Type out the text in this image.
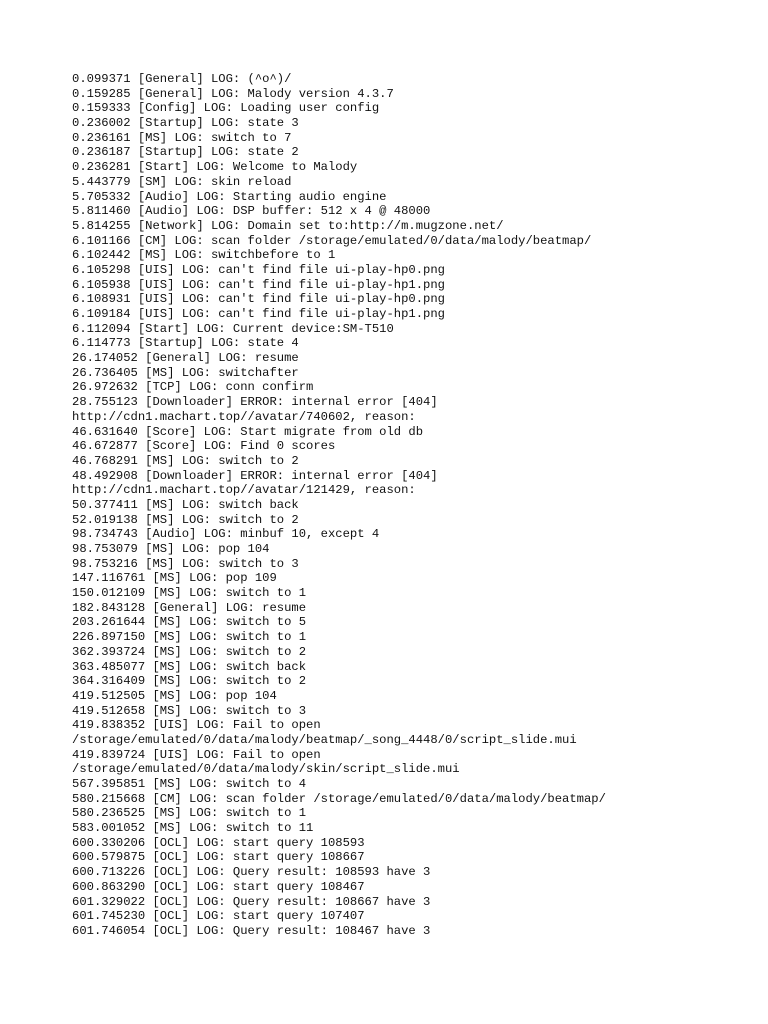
0.099371 [General] LOG: (^o^)/
0.159285 [General] LOG: Malody version 4.3.7
0.159333 [Config] LOG: Loading user config
0.236002 [Startup] LOG: state 3
0.236161 [MS] LOG: switch to 7
0.236187 [Startup] LOG: state 2
0.236281 [Start] LOG: Welcome to Malody
5.443779 [SM] LOG: skin reload
5.705332 [Audio] LOG: Starting audio engine
5.811460 [Audio] LOG: DSP buffer: 512 x 4 @ 48000
5.814255 [Network] LOG: Domain set to:http://m.mugzone.net/
6.101166 [CM] LOG: scan folder /storage/emulated/0/data/malody/beatmap/
6.102442 [MS] LOG: switchbefore to 1
6.105298 [UIS] LOG: can't find file ui-play-hp0.png
6.105938 [UIS] LOG: can't find file ui-play-hp1.png
6.108931 [UIS] LOG: can't find file ui-play-hp0.png
6.109184 [UIS] LOG: can't find file ui-play-hp1.png
6.112094 [Start] LOG: Current device:SM-T510
6.114773 [Startup] LOG: state 4
26.174052 [General] LOG: resume
26.736405 [MS] LOG: switchafter
26.972632 [TCP] LOG: conn confirm
28.755123 [Downloader] ERROR: internal error [404]
http://cdn1.machart.top//avatar/740602, reason:
46.631640 [Score] LOG: Start migrate from old db
46.672877 [Score] LOG: Find 0 scores
46.768291 [MS] LOG: switch to 2
48.492908 [Downloader] ERROR: internal error [404]
http://cdn1.machart.top//avatar/121429, reason:
50.377411 [MS] LOG: switch back
52.019138 [MS] LOG: switch to 2
98.734743 [Audio] LOG: minbuf 10, except 4
98.753079 [MS] LOG: pop 104
98.753216 [MS] LOG: switch to 3
147.116761 [MS] LOG: pop 109
150.012109 [MS] LOG: switch to 1
182.843128 [General] LOG: resume
203.261644 [MS] LOG: switch to 5
226.897150 [MS] LOG: switch to 1
362.393724 [MS] LOG: switch to 2
363.485077 [MS] LOG: switch back
364.316409 [MS] LOG: switch to 2
419.512505 [MS] LOG: pop 104
419.512658 [MS] LOG: switch to 3
419.838352 [UIS] LOG: Fail to open
/storage/emulated/0/data/malody/beatmap/_song_4448/0/script_slide.mui
419.839724 [UIS] LOG: Fail to open
/storage/emulated/0/data/malody/skin/script_slide.mui
567.395851 [MS] LOG: switch to 4
580.215668 [CM] LOG: scan folder /storage/emulated/0/data/malody/beatmap/
580.236525 [MS] LOG: switch to 1
583.001052 [MS] LOG: switch to 11
600.330206 [OCL] LOG: start query 108593
600.579875 [OCL] LOG: start query 108667
600.713226 [OCL] LOG: Query result: 108593 have 3
600.863290 [OCL] LOG: start query 108467
601.329022 [OCL] LOG: Query result: 108667 have 3
601.745230 [OCL] LOG: start query 107407
601.746054 [OCL] LOG: Query result: 108467 have 3
